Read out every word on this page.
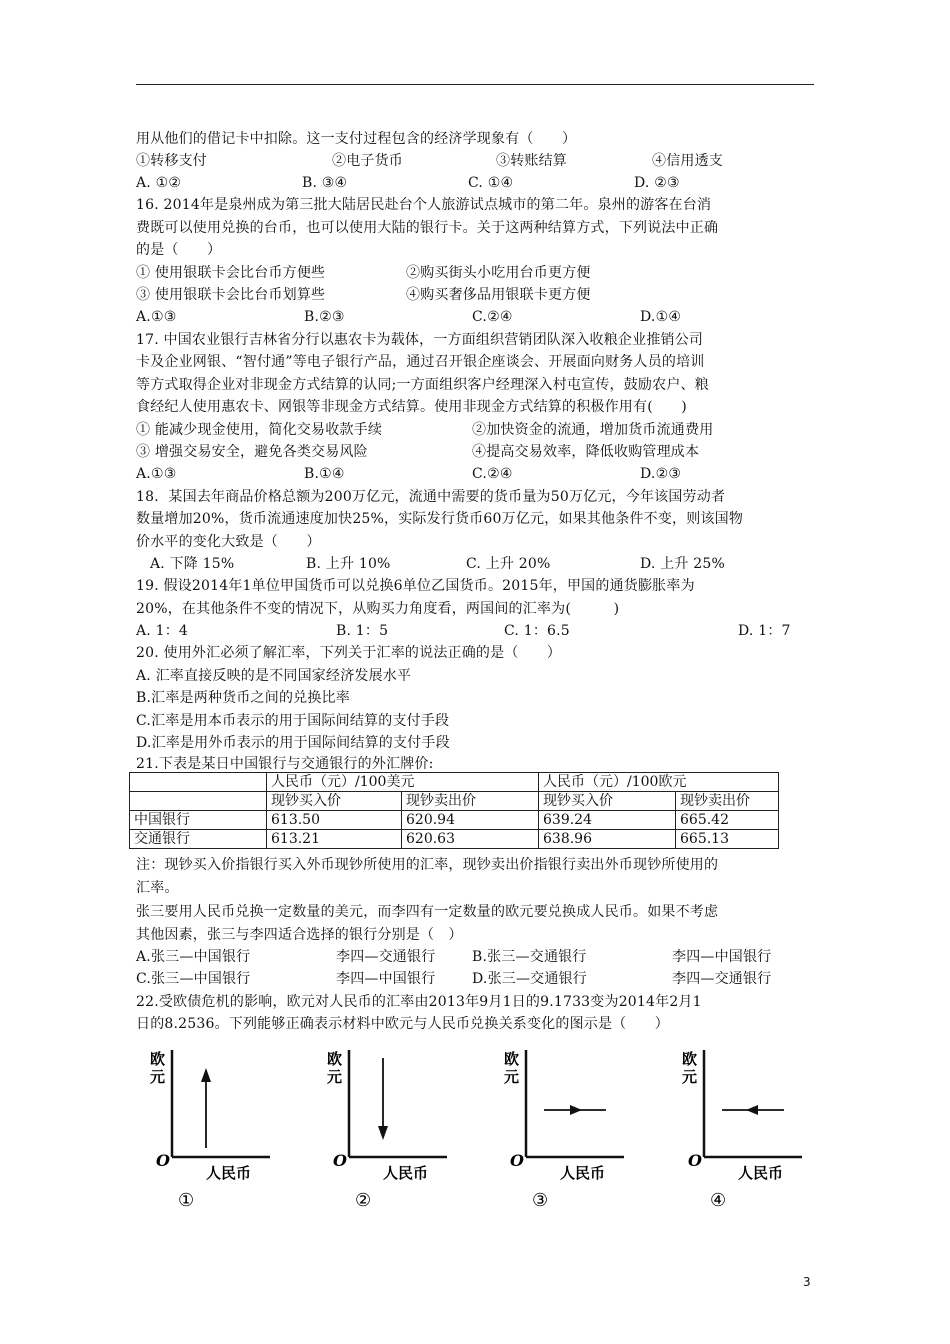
用从他们的借记卡中扣除。这一支付过程包含的经济学现象有（　　）
①转移支付	②电子货币	③转账结算	④信用透支
A. ①②	B. ③④	C. ①④	D. ②③
16. 2014年是泉州成为第三批大陆居民赴台个人旅游试点城市的第二年。泉州的游客在台消
费既可以使用兑换的台币，也可以使用大陆的银行卡。关于这两种结算方式，下列说法中正确
的是（　　）
① 使用银联卡会比台币方便些	②购买街头小吃用台币更方便
③ 使用银联卡会比台币划算些	④购买奢侈品用银联卡更方便
A.①③	B.②③	C.②④	D.①④
17. 中国农业银行吉林省分行以惠农卡为载体，一方面组织营销团队深入收粮企业推销公司
卡及企业网银、“智付通”等电子银行产品，通过召开银企座谈会、开展面向财务人员的培训
等方式取得企业对非现金方式结算的认同;一方面组织客户经理深入村屯宣传，鼓励农户、粮
食经纪人使用惠农卡、网银等非现金方式结算。使用非现金方式结算的积极作用有(　　)
① 能减少现金使用，简化交易收款手续	②加快资金的流通，增加货币流通费用
③ 增强交易安全，避免各类交易风险	④提高交易效率，降低收购管理成本
A.①③	B.①④	C.②④	D.②③
18．某国去年商品价格总额为200万亿元，流通中需要的货币量为50万亿元，今年该国劳动者
数量增加20%，货币流通速度加快25%，实际发行货币60万亿元，如果其他条件不变，则该国物
价水平的变化大致是（　　）
A. 下降 15%	B. 上升 10%	C. 上升 20%	D. 上升 25%
19. 假设2014年1单位甲国货币可以兑换6单位乙国货币。2015年，甲国的通货膨胀率为
20%，在其他条件不变的情况下，从购买力角度看，两国间的汇率为(　　　)
A. 1：4	B. 1：5	C. 1：6.5	D. 1：7
20. 使用外汇必须了解汇率，下列关于汇率的说法正确的是（　　）
A. 汇率直接反映的是不同国家经济发展水平
B.汇率是两种货币之间的兑换比率
C.汇率是用本币表示的用于国际间结算的支付手段
D.汇率是用外币表示的用于国际间结算的支付手段
21.下表是某日中国银行与交通银行的外汇牌价:
	人民币（元）/100美元		人民币（元）/100欧元	
	现钞买入价	现钞卖出价	现钞买入价	现钞卖出价
中国银行	613.50	620.94	639.24	665.42
交通银行	613.21	620.63	638.96	665.13
注：现钞买入价指银行买入外币现钞所使用的汇率，现钞卖出价指银行卖出外币现钞所使用的
汇率。
张三要用人民币兑换一定数量的美元，而李四有一定数量的欧元要兑换成人民币。如果不考虑
其他因素，张三与李四适合选择的银行分别是（　）
A.张三—中国银行	李四—交通银行	B.张三—交通银行	李四—中国银行
C.张三—中国银行	李四—中国银行	D.张三—交通银行	李四—交通银行
22.受欧债危机的影响，欧元对人民币的汇率由2013年9月1日的9.1733变为2014年2月1
日的8.2536。下列能够正确表示材料中欧元与人民币兑换关系变化的图示是（　　）
欧
元
O
人民币
①
欧
元
O
人民币
②
欧
元
O
人民币
③
欧
元
O
人民币
④
3
